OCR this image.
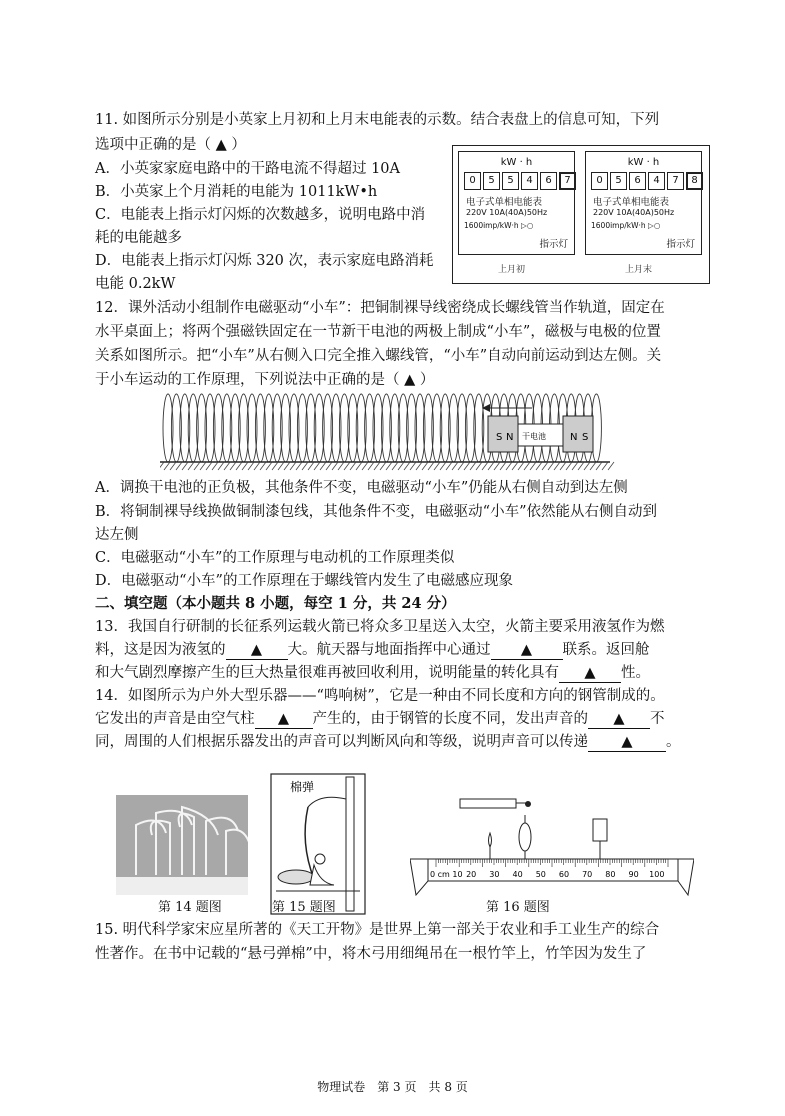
11. 如图所示分别是小英家上月初和上月末电能表的示数。结合表盘上的信息可知，下列
选项中正确的是（ ▲ ）
A．小英家家庭电路中的干路电流不得超过 10A
B．小英家上个月消耗的电能为 1011kW•h
C．电能表上指示灯闪烁的次数越多，说明电路中消
耗的电能越多
D．电能表上指示灯闪烁 320 次，表示家庭电路消耗
电能 0.2kW
kW · h
0	5	5	4	6	7
电子式单相电能表
220V 10A(40A)50Hz
1600imp/kW·h ▷○
指示灯
上月初
kW · h
0	5	6	4	7	8
电子式单相电能表
220V 10A(40A)50Hz
1600imp/kW·h ▷○
指示灯
上月末
12．课外活动小组制作电磁驱动“小车”：把铜制裸导线密绕成长螺线管当作轨道，固定在
水平桌面上；将两个强磁铁固定在一节新干电池的两极上制成“小车”，磁极与电极的位置
关系如图所示。把“小车”从右侧入口完全推入螺线管，“小车”自动向前运动到达左侧。关
于小车运动的工作原理，下列说法中正确的是（ ▲ ）
S N 干电池 N S
A．调换干电池的正负极，其他条件不变，电磁驱动“小车”仍能从右侧自动到达左侧
B．将铜制裸导线换做铜制漆包线，其他条件不变，电磁驱动“小车”依然能从右侧自动到
达左侧
C．电磁驱动“小车”的工作原理与电动机的工作原理类似
D．电磁驱动“小车”的工作原理在于螺线管内发生了电磁感应现象
二、填空题（本小题共 8 小题，每空 1 分，共 24 分）
13．我国自行研制的长征系列运载火箭已将众多卫星送入太空，火箭主要采用液氢作为燃
料，这是因为液氢的 ▲ 大。航天器与地面指挥中心通过 ▲ 联系。返回舱
和大气剧烈摩擦产生的巨大热量很难再被回收利用，说明能量的转化具有 ▲ 性。
14．如图所示为户外大型乐器——“鸣响树”，它是一种由不同长度和方向的钢管制成的。
它发出的声音是由空气柱 ▲ 产生的，由于钢管的长度不同，发出声音的 ▲ 不
同，周围的人们根据乐器发出的声音可以判断风向和等级，说明声音可以传递 ▲ 。
棉弹
0 cm 10 20 30 40 50 60 70 80 90 100
第 14 题图	第 15 题图	第 16 题图
15. 明代科学家宋应星所著的《天工开物》是世界上第一部关于农业和手工业生产的综合
性著作。在书中记载的“悬弓弹棉”中，将木弓用细绳吊在一根竹竿上，竹竿因为发生了
物理试卷　第 3 页　共 8 页
